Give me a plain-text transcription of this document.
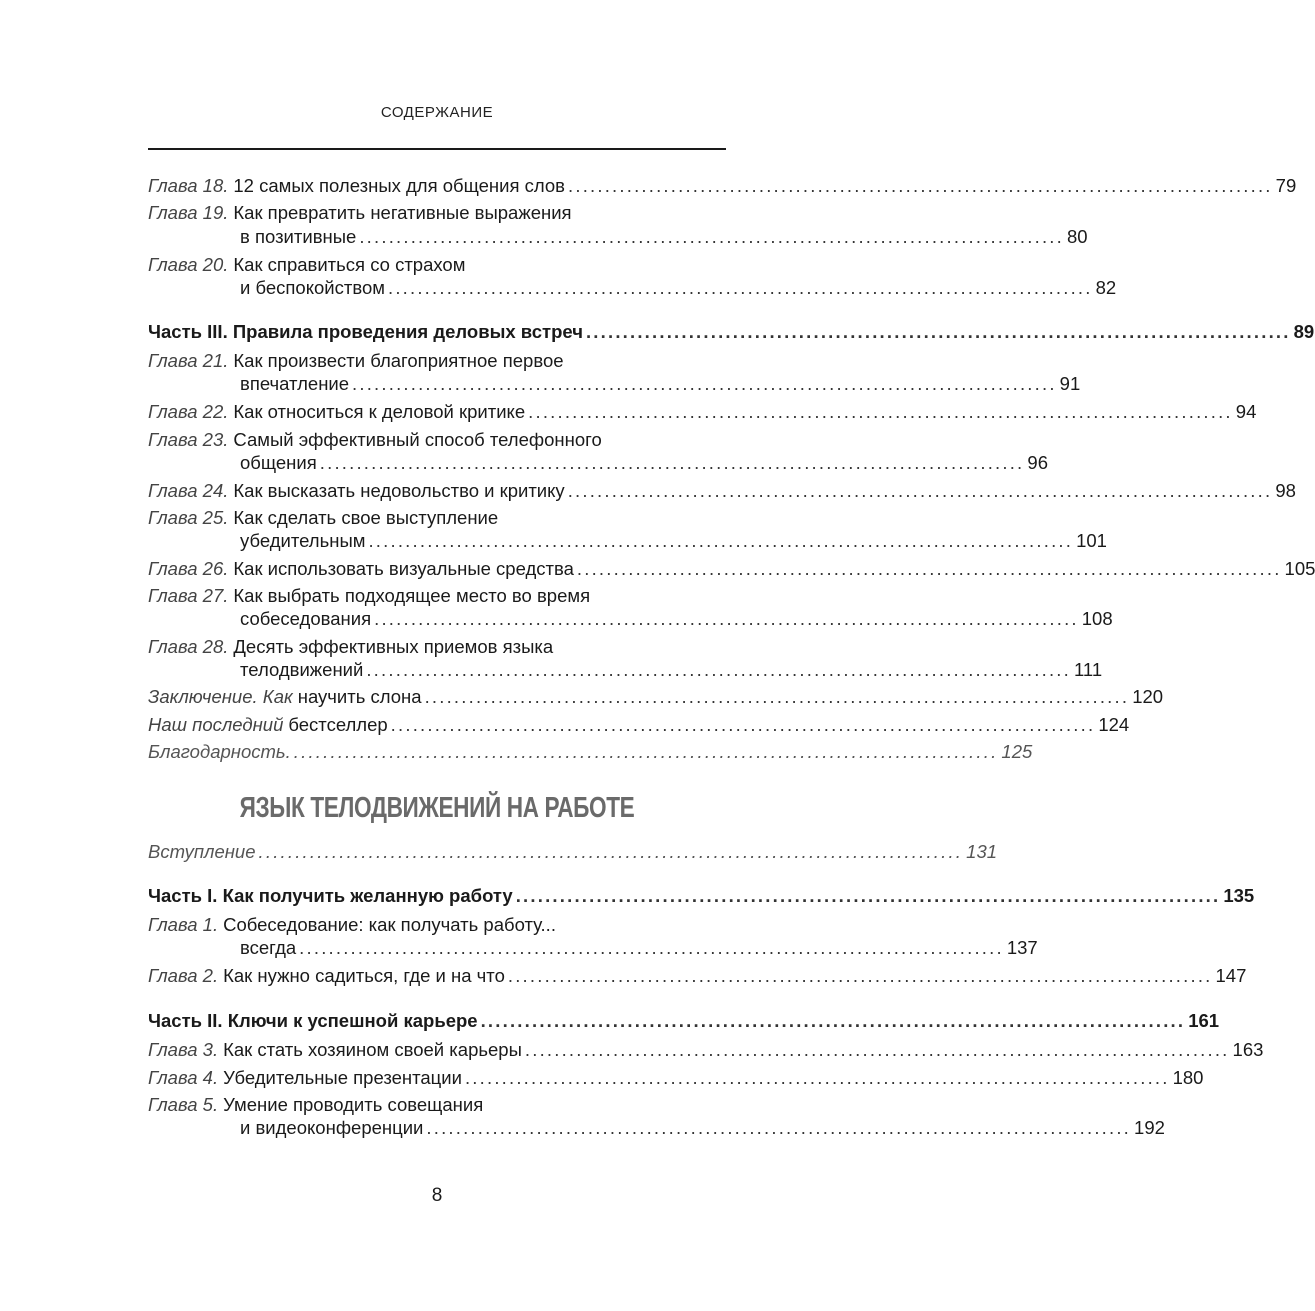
СОДЕРЖАНИЕ
Глава 18. 12 самых полезных для общения слов ................................................................................................ 79
Глава 19. Как превратить негативные выражения
в позитивные ................................................................................................ 80
Глава 20. Как справиться со страхом
и беспокойством ................................................................................................ 82
Часть III. Правила проведения деловых встреч ................................................................................................ 89
Глава 21. Как произвести благоприятное первое
впечатление ................................................................................................ 91
Глава 22. Как относиться к деловой критике ................................................................................................ 94
Глава 23. Самый эффективный способ телефонного
общения ................................................................................................ 96
Глава 24. Как высказать недовольство и критику ................................................................................................ 98
Глава 25. Как сделать свое выступление
убедительным ................................................................................................ 101
Глава 26. Как использовать визуальные средства ................................................................................................ 105
Глава 27. Как выбрать подходящее место во время
собеседования ................................................................................................ 108
Глава 28. Десять эффективных приемов языка
телодвижений ................................................................................................ 111
Заключение. Как научить слона ................................................................................................ 120
Наш последний бестселлер ................................................................................................ 124
Благодарность. ................................................................................................ 125
ЯЗЫК ТЕЛОДВИЖЕНИЙ НА РАБОТЕ
Вступление ................................................................................................ 131
Часть I. Как получить желанную работу ................................................................................................ 135
Глава 1. Собеседование: как получать работу...
всегда ................................................................................................ 137
Глава 2. Как нужно садиться, где и на что ................................................................................................ 147
Часть II. Ключи к успешной карьере ................................................................................................ 161
Глава 3. Как стать хозяином своей карьеры ................................................................................................ 163
Глава 4. Убедительные презентации ................................................................................................ 180
Глава 5. Умение проводить совещания
и видеоконференции ................................................................................................ 192
8
